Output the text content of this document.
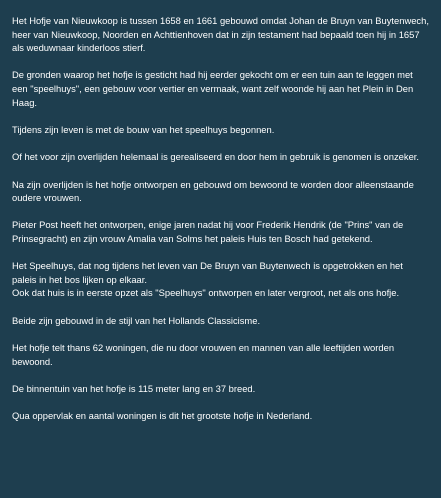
Het Hofje van Nieuwkoop is tussen 1658 en 1661 gebouwd omdat Johan de Bruyn van Buytenwech, heer van Nieuwkoop, Noorden en Achttienhoven dat in zijn testament had bepaald toen hij in 1657 als weduwnaar kinderloos stierf.

De gronden waarop het hofje is gesticht had hij eerder gekocht om er een tuin aan te leggen met een "speelhuys", een gebouw voor vertier en vermaak, want zelf woonde hij aan het Plein in Den Haag.

Tijdens zijn leven is met de bouw van het speelhuys begonnen.

Of het voor zijn overlijden helemaal is gerealiseerd en door hem in gebruik is genomen is onzeker.

Na zijn overlijden is het hofje ontworpen en gebouwd om bewoond te worden door alleenstaande oudere vrouwen.

Pieter Post heeft het ontworpen, enige jaren nadat hij voor Frederik Hendrik (de "Prins" van de Prinsegracht) en zijn vrouw Amalia van Solms het paleis Huis ten Bosch had getekend.

Het Speelhuys, dat nog tijdens het leven van De Bruyn van Buytenwech is opgetrokken en het paleis in het bos lijken op elkaar.
Ook dat huis is in eerste opzet als "Speelhuys" ontworpen en later vergroot, net als ons hofje.

Beide zijn gebouwd in de stijl van het Hollands Classicisme.

Het hofje telt thans 62 woningen, die nu door vrouwen en mannen van alle leeftijden worden bewoond.

De binnentuin van het hofje is 115 meter lang en 37 breed.

Qua oppervlak en aantal woningen is dit het grootste hofje in Nederland.
